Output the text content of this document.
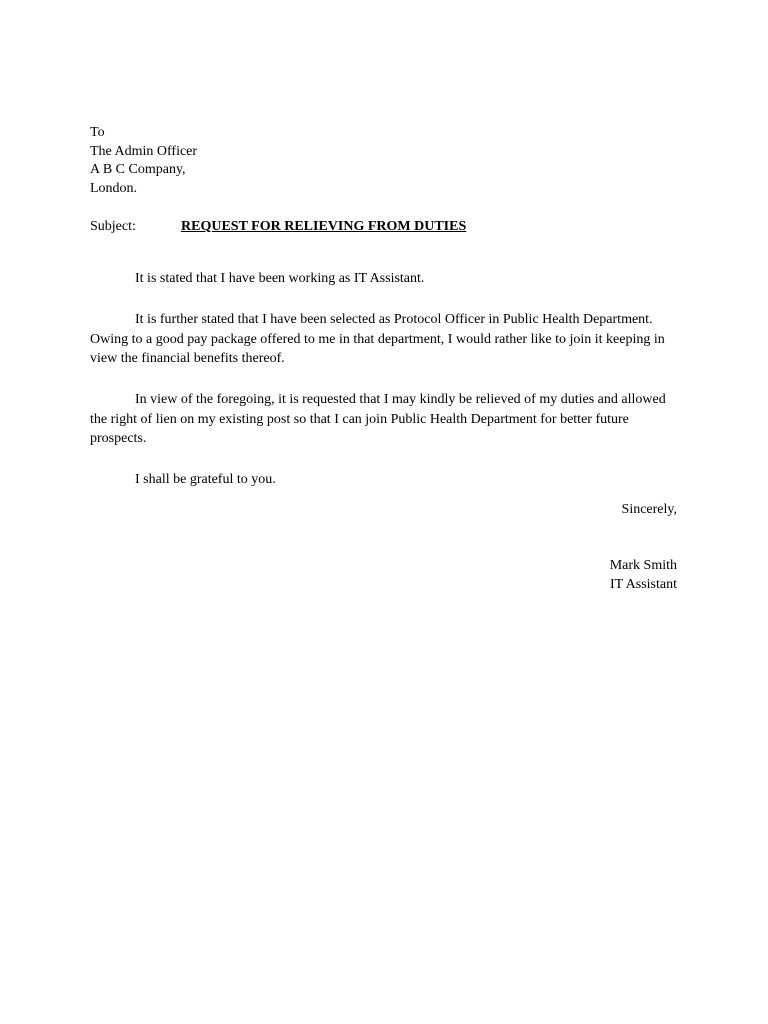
To
The Admin Officer
A B C Company,
London.
Subject:	REQUEST FOR RELIEVING FROM DUTIES

It is stated that I have been working as IT Assistant.

It is further stated that I have been selected as Protocol Officer in Public Health Department. Owing to a good pay package offered to me in that department, I would rather like to join it keeping in view the financial benefits thereof.

In view of the foregoing, it is requested that I may kindly be relieved of my duties and allowed the right of lien on my existing post so that I can join Public Health Department for better future prospects.

I shall be grateful to you.

Sincerely,
Mark Smith
IT Assistant
